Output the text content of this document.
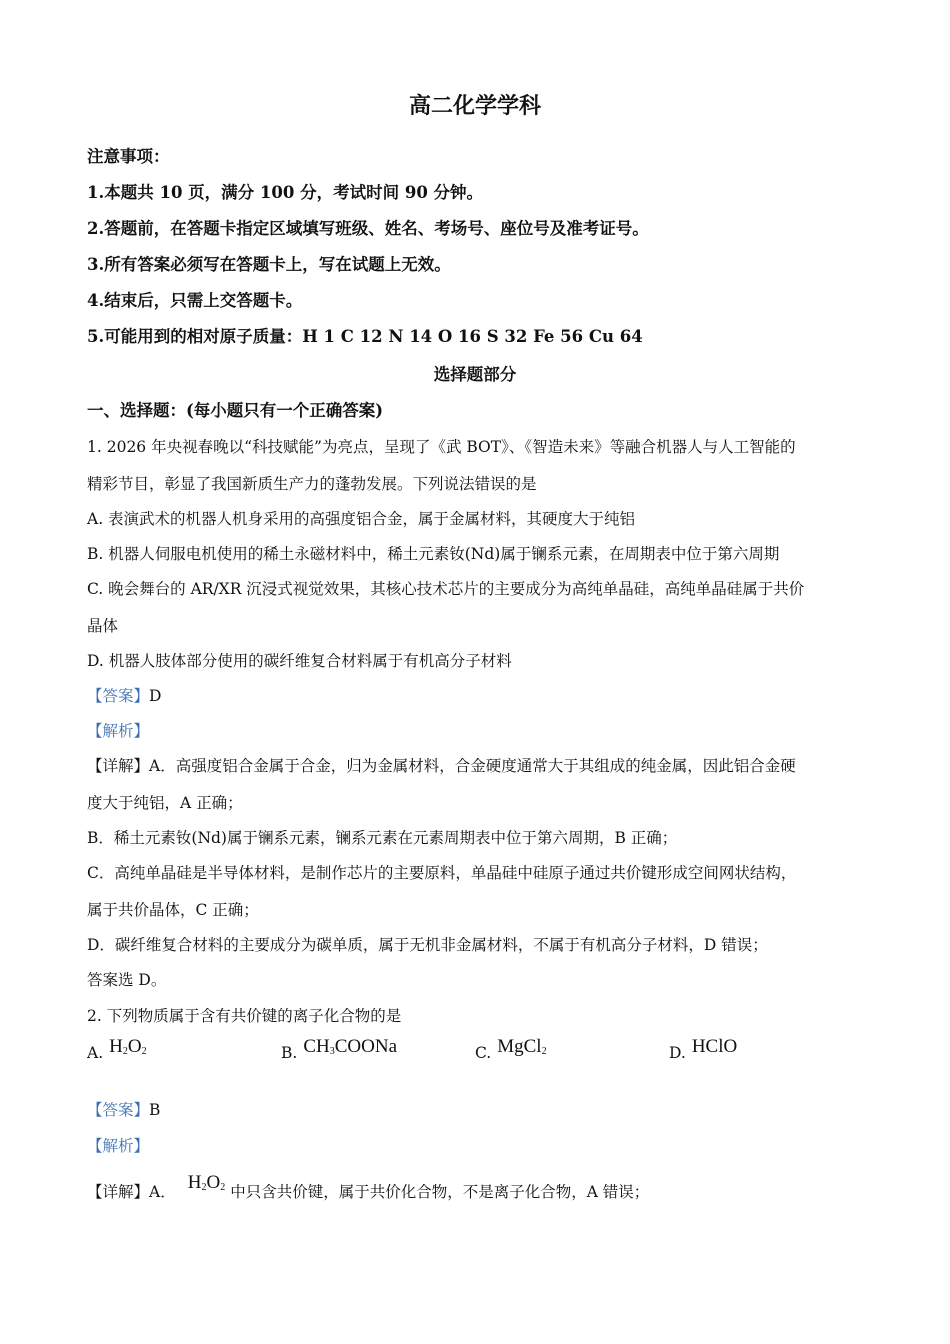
高二化学学科
注意事项：
1.本题共 10 页，满分 100 分，考试时间 90 分钟。
2.答题前，在答题卡指定区域填写班级、姓名、考场号、座位号及准考证号。
3.所有答案必须写在答题卡上，写在试题上无效。
4.结束后，只需上交答题卡。
5.可能用到的相对原子质量：H 1 C 12 N 14 O 16 S 32 Fe 56 Cu 64
选择题部分
一、选择题：(每小题只有一个正确答案)
1. 2026 年央视春晚以“科技赋能”为亮点，呈现了《武 BOT》、《智造未来》等融合机器人与人工智能的
精彩节目，彰显了我国新质生产力的蓬勃发展。下列说法错误的是
A. 表演武术的机器人机身采用的高强度铝合金，属于金属材料，其硬度大于纯铝
B. 机器人伺服电机使用的稀土永磁材料中，稀土元素钕(Nd)属于镧系元素，在周期表中位于第六周期
C. 晚会舞台的 AR/XR 沉浸式视觉效果，其核心技术芯片的主要成分为高纯单晶硅，高纯单晶硅属于共价
晶体
D. 机器人肢体部分使用的碳纤维复合材料属于有机高分子材料
【答案】D
【解析】
【详解】A．高强度铝合金属于合金，归为金属材料，合金硬度通常大于其组成的纯金属，因此铝合金硬
度大于纯铝，A 正确；
B．稀土元素钕(Nd)属于镧系元素，镧系元素在元素周期表中位于第六周期，B 正确；
C．高纯单晶硅是半导体材料，是制作芯片的主要原料，单晶硅中硅原子通过共价键形成空间网状结构，
属于共价晶体，C 正确；
D．碳纤维复合材料的主要成分为碳单质，属于无机非金属材料，不属于有机高分子材料，D 错误；
答案选 D。
2. 下列物质属于含有共价键的离子化合物的是
A. $H_2O_2$	B. $CH_3COONa$	C. MgCl$_2$	D. HClO
【答案】B
【解析】
【详解】A． $H_2O_2$ 中只含共价键，属于共价化合物，不是离子化合物，A 错误；
